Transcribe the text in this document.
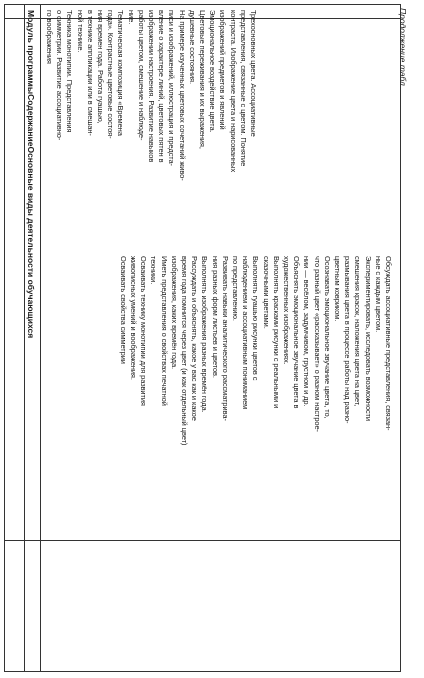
Продолжение табл.
Модуль программыСодержаниеОсновные виды деятельности обучающихся

Трехосновных цвета. Ассоциативные

представления, связанные с цветом. Понятие

контраста. Изображение цвета и нарисованных

изображений предметов и явлений

Эмоциональное воздействие цвета.

Цветовые переживания и их выражения,

душевные состояния.

На примере изученных цветовых сочетаний живо-

писи и изображений, иллюстрация и предста-

вление о характере линий, цветовых пятен в

изображении настроения. Развитие навыков

работы цветом, смешение и наблюде-

ние.

Тематическая композиция «Времена

года». Контрастные цветовые состоя-

ния времен года. Работа гуашью,

в технике аппликации или в смешан-

ной технике.

Техника монотипии. Представления

о симметрии. Развитие ассоциативно-

го воображения

Обсуждать ассоциативные представления, связан-

ные с каждым цветом.

Экспериментировать, исследовать возможности

смешения красок, наложения цвета на цвет,

размывания цвета в процессе работы над разно-

цветным ковриком.

Осознавать эмоциональное звучание цвета, то,

что разный цвет «рассказывает» о разном настрое-

нии — весёлом, задумчивом, грустном и др.

Объяснять эмоциональное звучание цвета в

художественных изображениях.

Выполнять красками рисунки с реальными и

сказочными цветами.

Выполнять гуашью рисунки цветов с

наблюдением и ассоциативным пониманием

по представлению.

Развивать навыки аналитического рассматрива-

ния разных форм листьев и цветов.

Выполнять изображения разных времён года.

Рассуждать и объяснять, какое у вас как и какое

время года помнится через цвет (и как отдельный цвет)

изображения, каких времён года.

Иметь представления о свойствах печатной

техники.

Осваивать технику монотипии для развития

живописных умений и воображения.

Осваивать свойства симметрии
